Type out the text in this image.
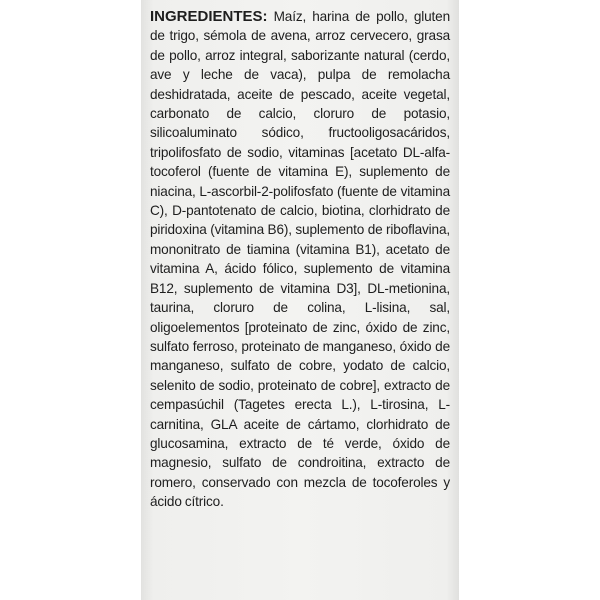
INGREDIENTES: Maíz, harina de pollo, gluten de trigo, sémola de avena, arroz cervecero, grasa de pollo, arroz integral, saborizante natural (cerdo, ave y leche de vaca), pulpa de remolacha deshidratada, aceite de pescado, aceite vegetal, carbonato de calcio, cloruro de potasio, silicoaluminato sódico, fructooligosacáridos, tripolifosfato de sodio, vitaminas [acetato DL-alfa-tocoferol (fuente de vitamina E), suplemento de niacina, L-ascorbil-2-polifosfato (fuente de vitamina C), D-pantotenato de calcio, biotina, clorhidrato de piridoxina (vitamina B6), suplemento de riboflavina, mononitrato de tiamina (vitamina B1), acetato de vitamina A, ácido fólico, suplemento de vitamina B12, suplemento de vitamina D3], DL-metionina, taurina, cloruro de colina, L-lisina, sal, oligoelementos [proteinato de zinc, óxido de zinc, sulfato ferroso, proteinato de manganeso, óxido de manganeso, sulfato de cobre, yodato de calcio, selenito de sodio, proteinato de cobre], extracto de cempasúchil (Tagetes erecta L.), L-tirosina, L-carnitina, GLA aceite de cártamo, clorhidrato de glucosamina, extracto de té verde, óxido de magnesio, sulfato de condroitina, extracto de romero, conservado con mezcla de tocoferoles y ácido cítrico.
